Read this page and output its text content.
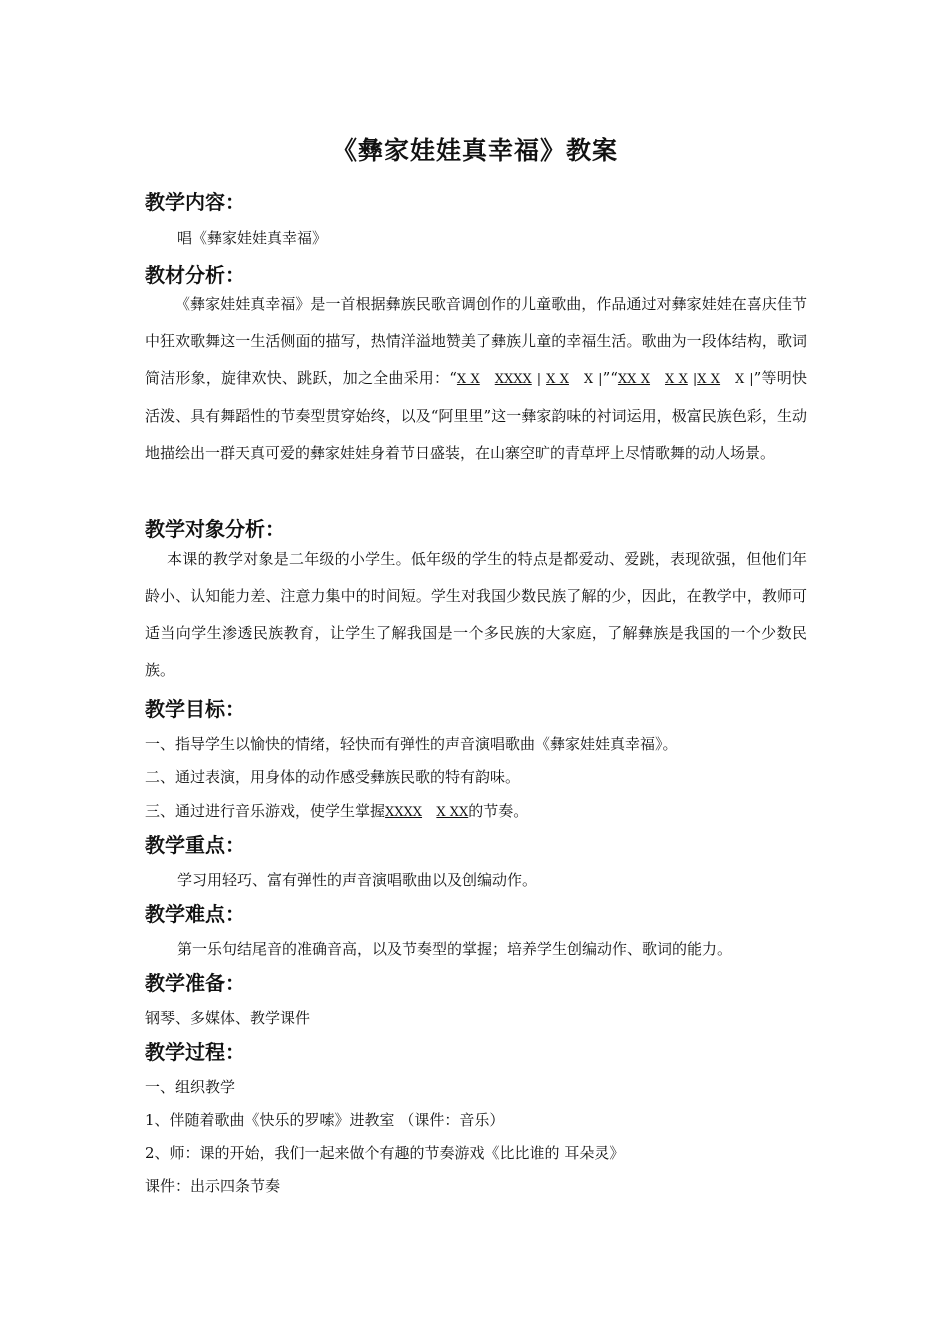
《彝家娃娃真幸福》教案
教学内容：
唱《彝家娃娃真幸福》
教材分析：
《彝家娃娃真幸福》是一首根据彝族民歌音调创作的儿童歌曲，作品通过对彝家娃娃在喜庆佳节中狂欢歌舞这一生活侧面的描写，热情洋溢地赞美了彝族儿童的幸福生活。歌曲为一段体结构，歌词简洁形象，旋律欢快、跳跃，加之全曲采用：“X X XXXX | X X X |”“XX X X X |X X X |”等明快活泼、具有舞蹈性的节奏型贯穿始终，以及“阿里里”这一彝家韵味的衬词运用，极富民族色彩，生动地描绘出一群天真可爱的彝家娃娃身着节日盛装，在山寨空旷的青草坪上尽情歌舞的动人场景。
教学对象分析：
本课的教学对象是二年级的小学生。低年级的学生的特点是都爱动、爱跳，表现欲强，但他们年龄小、认知能力差、注意力集中的时间短。学生对我国少数民族了解的少，因此，在教学中，教师可适当向学生渗透民族教育，让学生了解我国是一个多民族的大家庭，了解彝族是我国的一个少数民族。
教学目标：
一、指导学生以愉快的情绪，轻快而有弹性的声音演唱歌曲《彝家娃娃真幸福》。
二、通过表演，用身体的动作感受彝族民歌的特有韵味。
三、通过进行音乐游戏，使学生掌握XXXX X XX的节奏。
教学重点：
学习用轻巧、富有弹性的声音演唱歌曲以及创编动作。
教学难点：
第一乐句结尾音的准确音高，以及节奏型的掌握；培养学生创编动作、歌词的能力。
教学准备：
钢琴、多媒体、教学课件
教学过程：
一、组织教学
1、伴随着歌曲《快乐的罗嗦》进教室 （课件：音乐）
2、师：课的开始，我们一起来做个有趣的节奏游戏《比比谁的 耳朵灵》
课件：出示四条节奏
